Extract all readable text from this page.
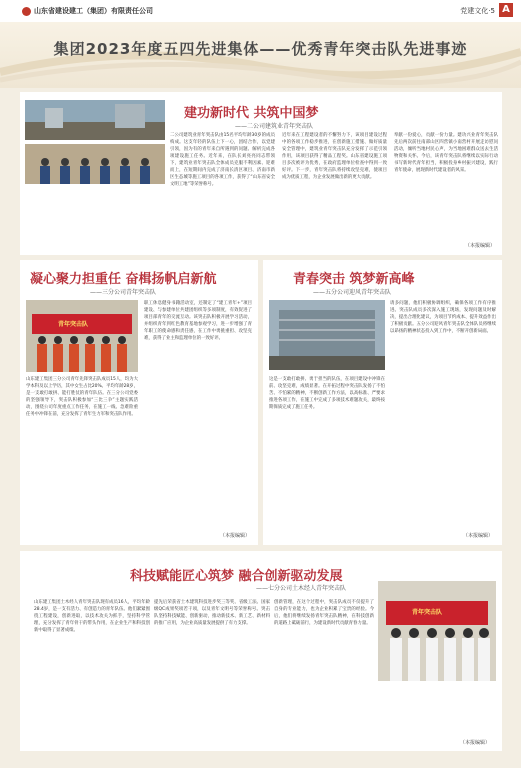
山东省建设建工（集团）有限责任公司	党建文化·5 A
集团2023年度五四先进集体——优秀青年突击队先进事迹
建功新时代 共筑中国梦
——二公司建筑业青年突击队
二公司建筑业青年突击队由15名平均年龄30岁的成员构成。这支年轻的队伍上下一心，团结合作，以党建引领，因为有的青年来自所遇到的问题、解析完成各项建设施工任务。近年来，在队长刘亮亮同志带领下，建筑业青年突击队全体成员克服不利因素、迎难而上，在短期间内完成了济南长清区项目、济南市新区生态城等施工项目的各项工作，获得了“山东省安全文明工地”等荣誉称号。
近年来在工程建设者的不懈努力下，该项目建设过程中的各项工作稳步推进，在创新施工措施、做好质量安全管理中，建筑业青年突击队充分发挥了示范引领作用，该项目获得了精品工程奖。山东省建设施工项目多次被评为优秀，在政府监理单位检查中得到一致好评。下一步，青年突击队将持续攻坚克难，使项目成为优质工程，为企业发展做出新的更大贡献。
奉献一份爱心，贡献一份力量。建功兴业青年突击队先后两次前往南部山区四营镇小南营村开展走访慰问活动，倾听当地村民心声，为当地困难群众送去生活物资和关怀。今后，该青年突击队将继续以实际行动书写新时代青年担当，积极投身乡村振兴建设，践行青年使命，展现新时代建设者的风采。
（本报编辑）
凝心聚力担重任 奋楫扬帆启新航
——三分公司青年突击队
青年突击队
山东建工集团三分公司青年先锋突击队成员15人，均为大学本科及以上学历，其中女生占比20%。平均年龄28岁，是一支敢打敢拼、能打胜仗的青年队伍。在三分公司党委的坚强领导下，突击队积极参加“三比三争”主题实践活动，围绕公司年度重点工作任务，在施工一线、急难险重任务中冲锋在前，充分发挥了青年生力军和突击队作用。
职工休息健身书籍活动室，还制定了“建工青年+”项目建设、与参建单位共建团组织等多项制度，有效促进了项目部青年的交流互动。该突击队积极开展学习活动，并组织青年到红色教育基地参观学习，进一步增强了青年职工的使命感和责任感，在工作中勇挑重担、攻坚克难，获得了业主和监理单位的一致好评。
（本报编辑）
青春突击 筑梦新高峰
——五分公司迎风青年突击队
这是一支敢打敢拼、勇于担当的队伍，在项目建设中冲锋在前、攻坚克难，成绩显著。在开拓过程中突击队发扬了不怕苦、不怕累的精神，不断创新工作方法，以高标准、严要求推进各项工作，在施工中完成了多项技术难题攻关，最终按期保质完成了施工任务。
请多问题，他们积极协调组织，确保各项工作有序推进。突击队成员多次深入施工现场，发现问题及时解决，提出合理化建议，为项目节约成本、提升效益作出了积极贡献。五分公司迎风青年突击队全体队员将继续以昂扬的精神状态投入到工作中，不断开创新局面。
（本报编辑）
科技赋能匠心筑梦 融合创新驱动发展
——七分公司土木经人青年突击队
山东建工集团土木经人青年突击队现有成员16人，平均年龄28.4岁，是一支有活力、有创造力的青年队伍。他们紧紧围绕工程建设，创新进取，以技术攻关为抓手，坚持科学管理，充分发挥了青年骨干的带头作用，在企业生产和科技创新中取得了显著成绩。
提先后荣获省土木建筑科技进步奖三等奖、省级工法、国家级QC成果奖项若干项，以及青年文明号等荣誉称号。突击队坚持科技赋能、创新驱动，推动新技术、新工艺、新材料的推广应用，为企业高质量发展提供了有力支撑。
创新管理，在这个过程中，突击队成员不仅提升了自身的专业能力，也为企业积累了宝贵的经验。今后，他们将继续发扬青年突击队精神，在科技创新的道路上砥砺前行，为建设新时代贡献青春力量。
青年突击队
（本报编辑）
